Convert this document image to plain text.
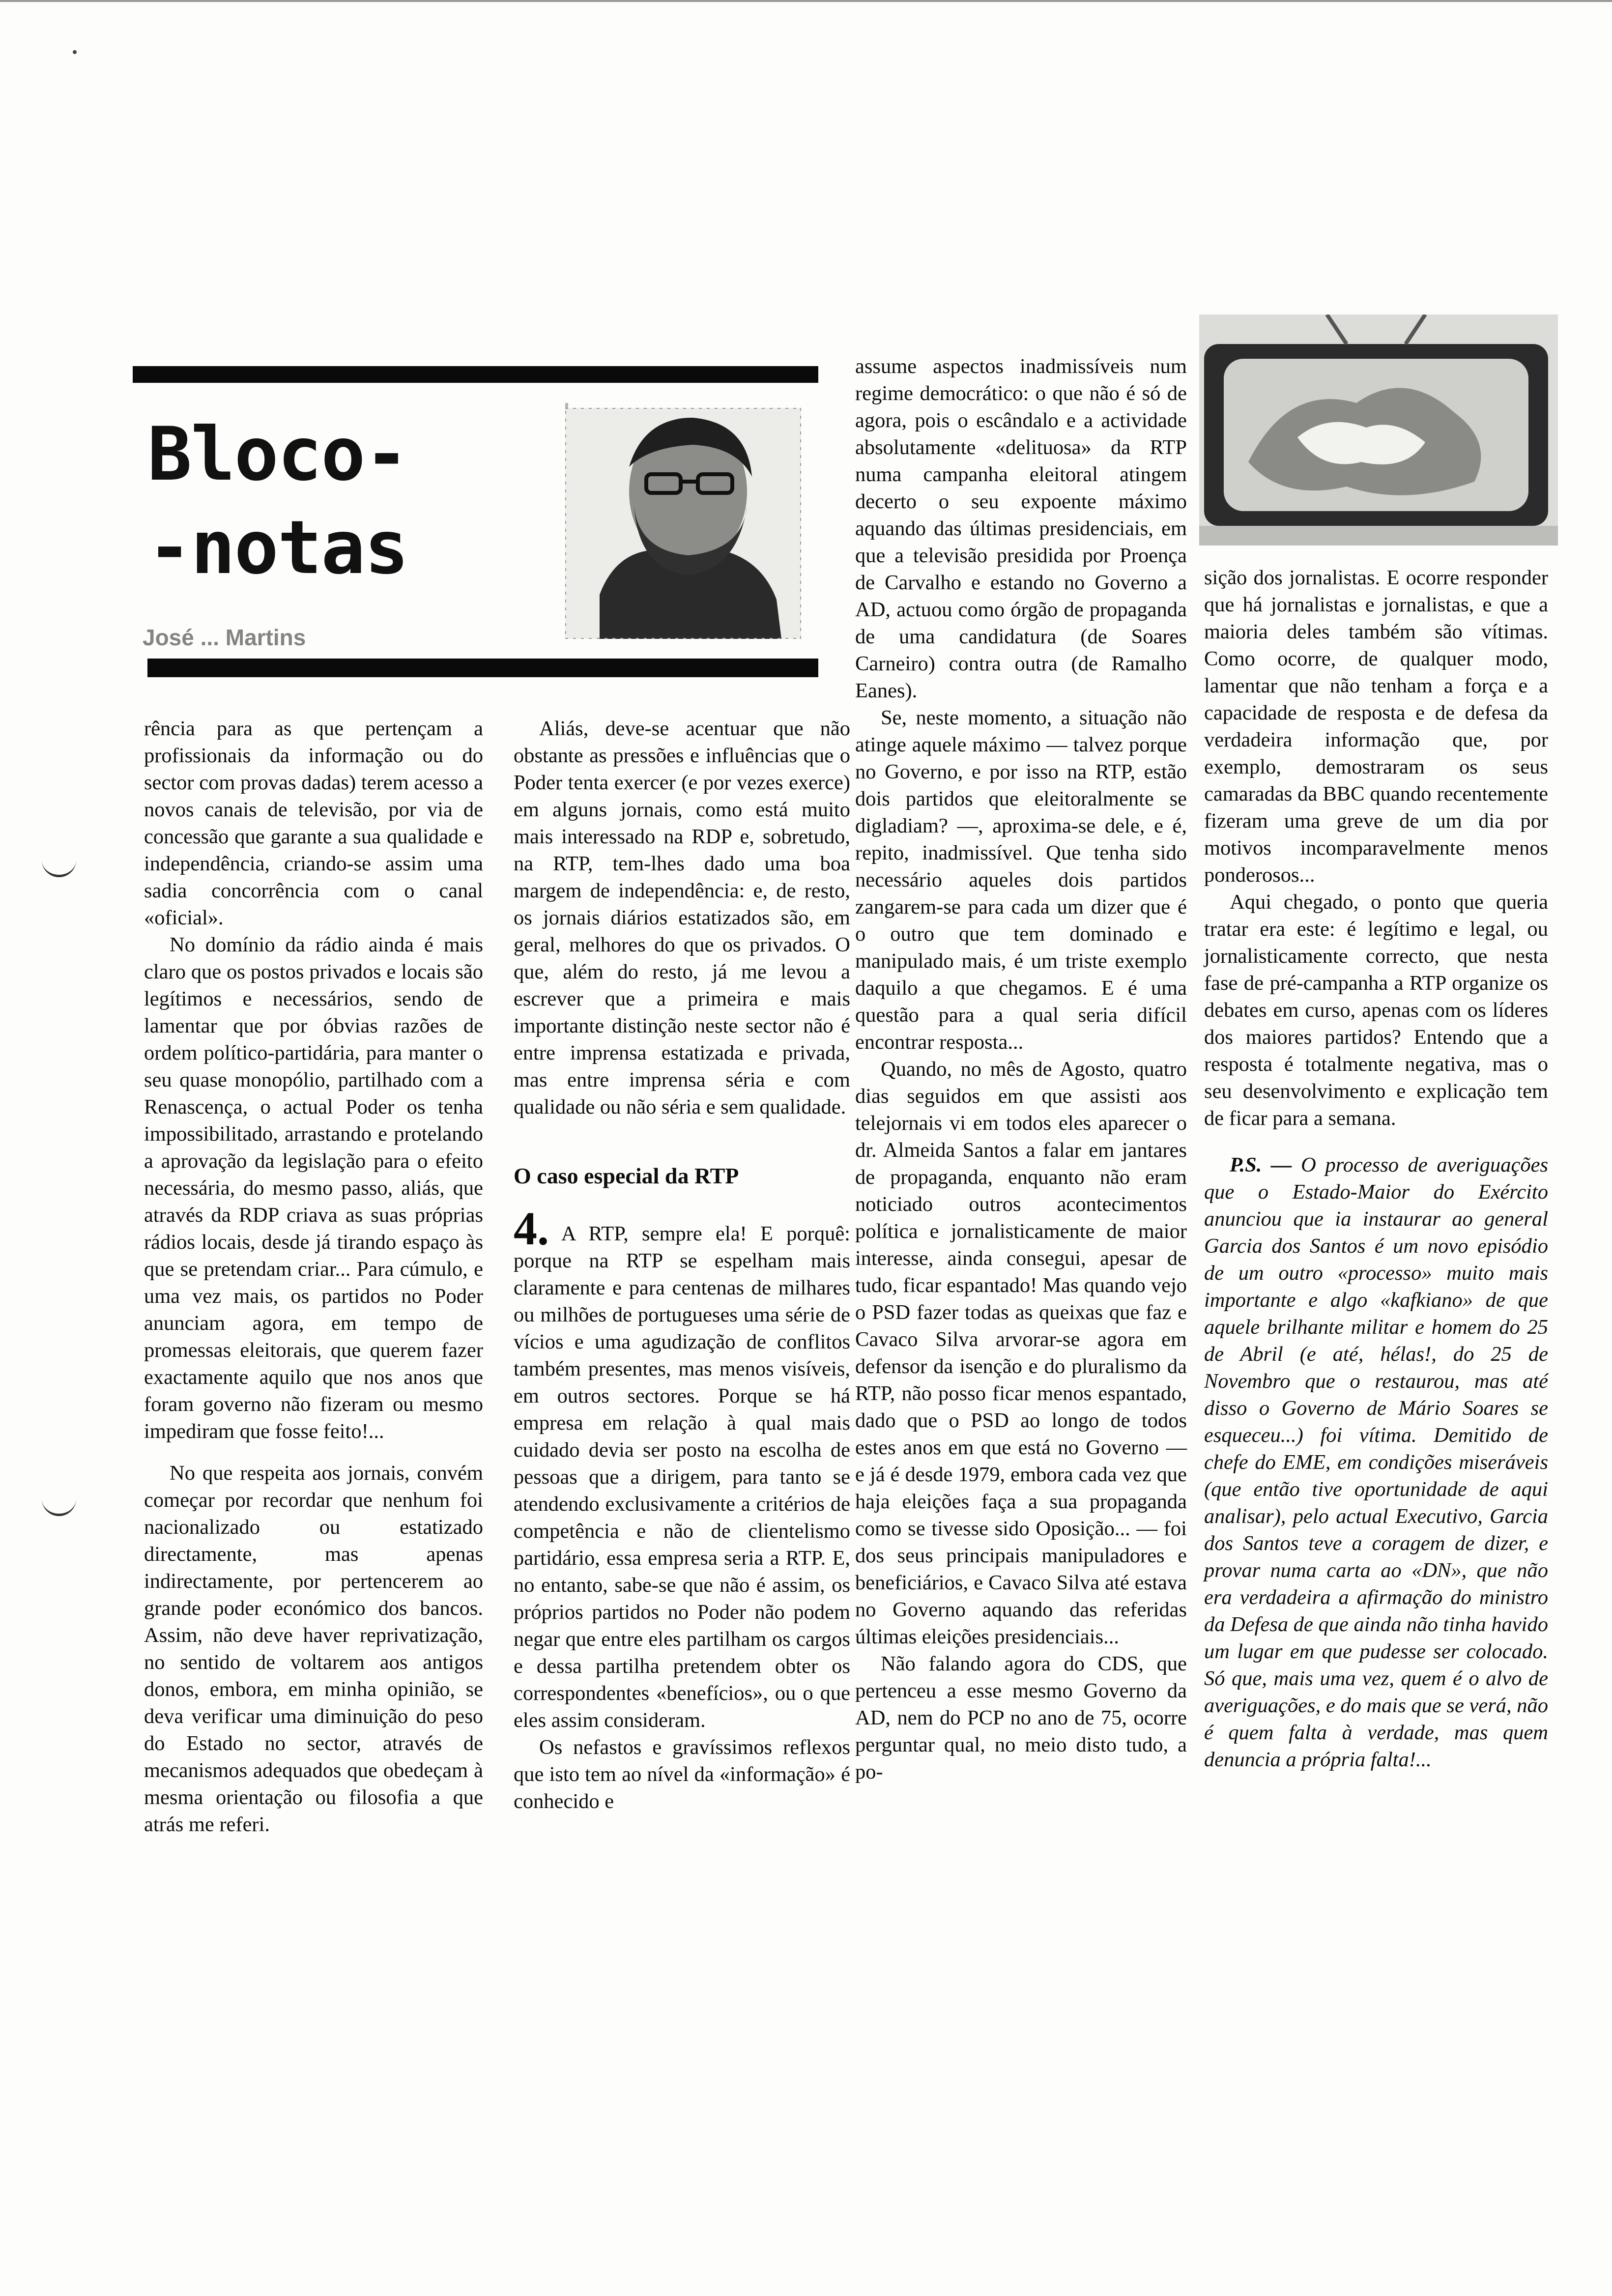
Bloco-
-notas
José ... Martins

rência para as que pertençam a profissionais da informação ou do sector com provas dadas) terem acesso a novos canais de televisão, por via de concessão que garante a sua qualidade e independência, criando-se assim uma sadia concorrência com o canal «oficial».

No domínio da rádio ainda é mais claro que os postos privados e locais são legítimos e necessários, sendo de lamentar que por óbvias razões de ordem político-partidária, para manter o seu quase monopólio, partilhado com a Renascença, o actual Poder os tenha impossibilitado, arrastando e protelando a aprovação da legislação para o efeito necessária, do mesmo passo, aliás, que através da RDP criava as suas próprias rádios locais, desde já tirando espaço às que se pretendam criar... Para cúmulo, e uma vez mais, os partidos no Poder anunciam agora, em tempo de promessas eleitorais, que querem fazer exactamente aquilo que nos anos que foram governo não fizeram ou mesmo impediram que fosse feito!...

No que respeita aos jornais, convém começar por recordar que nenhum foi nacionalizado ou estatizado directamente, mas apenas indirectamente, por pertencerem ao grande poder económico dos bancos. Assim, não deve haver reprivatização, no sentido de voltarem aos antigos donos, embora, em minha opinião, se deva verificar uma diminuição do peso do Estado no sector, através de mecanismos adequados que obedeçam à mesma orientação ou filosofia a que atrás me referi.

Aliás, deve-se acentuar que não obstante as pressões e influências que o Poder tenta exercer (e por vezes exerce) em alguns jornais, como está muito mais interessado na RDP e, sobretudo, na RTP, tem-lhes dado uma boa margem de independência: e, de resto, os jornais diários estatizados são, em geral, melhores do que os privados. O que, além do resto, já me levou a escrever que a primeira e mais importante distinção neste sector não é entre imprensa estatizada e privada, mas entre imprensa séria e com qualidade ou não séria e sem qualidade.

O caso especial da RTP

4. A RTP, sempre ela! E porquê: porque na RTP se espelham mais claramente e para centenas de milhares ou milhões de portugueses uma série de vícios e uma agudização de conflitos também presentes, mas menos visíveis, em outros sectores. Porque se há empresa em relação à qual mais cuidado devia ser posto na escolha de pessoas que a dirigem, para tanto se atendendo exclusivamente a critérios de competência e não de clientelismo partidário, essa empresa seria a RTP. E, no entanto, sabe-se que não é assim, os próprios partidos no Poder não podem negar que entre eles partilham os cargos e dessa partilha pretendem obter os correspondentes «benefícios», ou o que eles assim consideram.

Os nefastos e gravíssimos reflexos que isto tem ao nível da «informação» é conhecido e

assume aspectos inadmissíveis num regime democrático: o que não é só de agora, pois o escândalo e a actividade absolutamente «delituosa» da RTP numa campanha eleitoral atingem decerto o seu expoente máximo aquando das últimas presidenciais, em que a televisão presidida por Proença de Carvalho e estando no Governo a AD, actuou como órgão de propaganda de uma candidatura (de Soares Carneiro) contra outra (de Ramalho Eanes).

Se, neste momento, a situação não atinge aquele máximo — talvez porque no Governo, e por isso na RTP, estão dois partidos que eleitoralmente se digladiam? —, aproxima-se dele, e é, repito, inadmissível. Que tenha sido necessário aqueles dois partidos zangarem-se para cada um dizer que é o outro que tem dominado e manipulado mais, é um triste exemplo daquilo a que chegamos. E é uma questão para a qual seria difícil encontrar resposta...

Quando, no mês de Agosto, quatro dias seguidos em que assisti aos telejornais vi em todos eles aparecer o dr. Almeida Santos a falar em jantares de propaganda, enquanto não eram noticiado outros acontecimentos política e jornalisticamente de maior interesse, ainda consegui, apesar de tudo, ficar espantado! Mas quando vejo o PSD fazer todas as queixas que faz e Cavaco Silva arvorar-se agora em defensor da isenção e do pluralismo da RTP, não posso ficar menos espantado, dado que o PSD ao longo de todos estes anos em que está no Governo — e já é desde 1979, embora cada vez que haja eleições faça a sua propaganda como se tivesse sido Oposição... — foi dos seus principais manipuladores e beneficiários, e Cavaco Silva até estava no Governo aquando das referidas últimas eleições presidenciais...

Não falando agora do CDS, que pertenceu a esse mesmo Governo da AD, nem do PCP no ano de 75, ocorre perguntar qual, no meio disto tudo, a po-

sição dos jornalistas. E ocorre responder que há jornalistas e jornalistas, e que a maioria deles também são vítimas. Como ocorre, de qualquer modo, lamentar que não tenham a força e a capacidade de resposta e de defesa da verdadeira informação que, por exemplo, demostraram os seus camaradas da BBC quando recentemente fizeram uma greve de um dia por motivos incomparavelmente menos ponderosos...

Aqui chegado, o ponto que queria tratar era este: é legítimo e legal, ou jornalisticamente correcto, que nesta fase de pré-campanha a RTP organize os debates em curso, apenas com os líderes dos maiores partidos? Entendo que a resposta é totalmente negativa, mas o seu desenvolvimento e explicação tem de ficar para a semana.

P.S. — O processo de averiguações que o Estado-Maior do Exército anunciou que ia instaurar ao general Garcia dos Santos é um novo episódio de um outro «processo» muito mais importante e algo «kafkiano» de que aquele brilhante militar e homem do 25 de Abril (e até, hélas!, do 25 de Novembro que o restaurou, mas até disso o Governo de Mário Soares se esqueceu...) foi vítima. Demitido de chefe do EME, em condições miseráveis (que então tive oportunidade de aqui analisar), pelo actual Executivo, Garcia dos Santos teve a coragem de dizer, e provar numa carta ao «DN», que não era verdadeira a afirmação do ministro da Defesa de que ainda não tinha havido um lugar em que pudesse ser colocado. Só que, mais uma vez, quem é o alvo de averiguações, e do mais que se verá, não é quem falta à verdade, mas quem denuncia a própria falta!...
